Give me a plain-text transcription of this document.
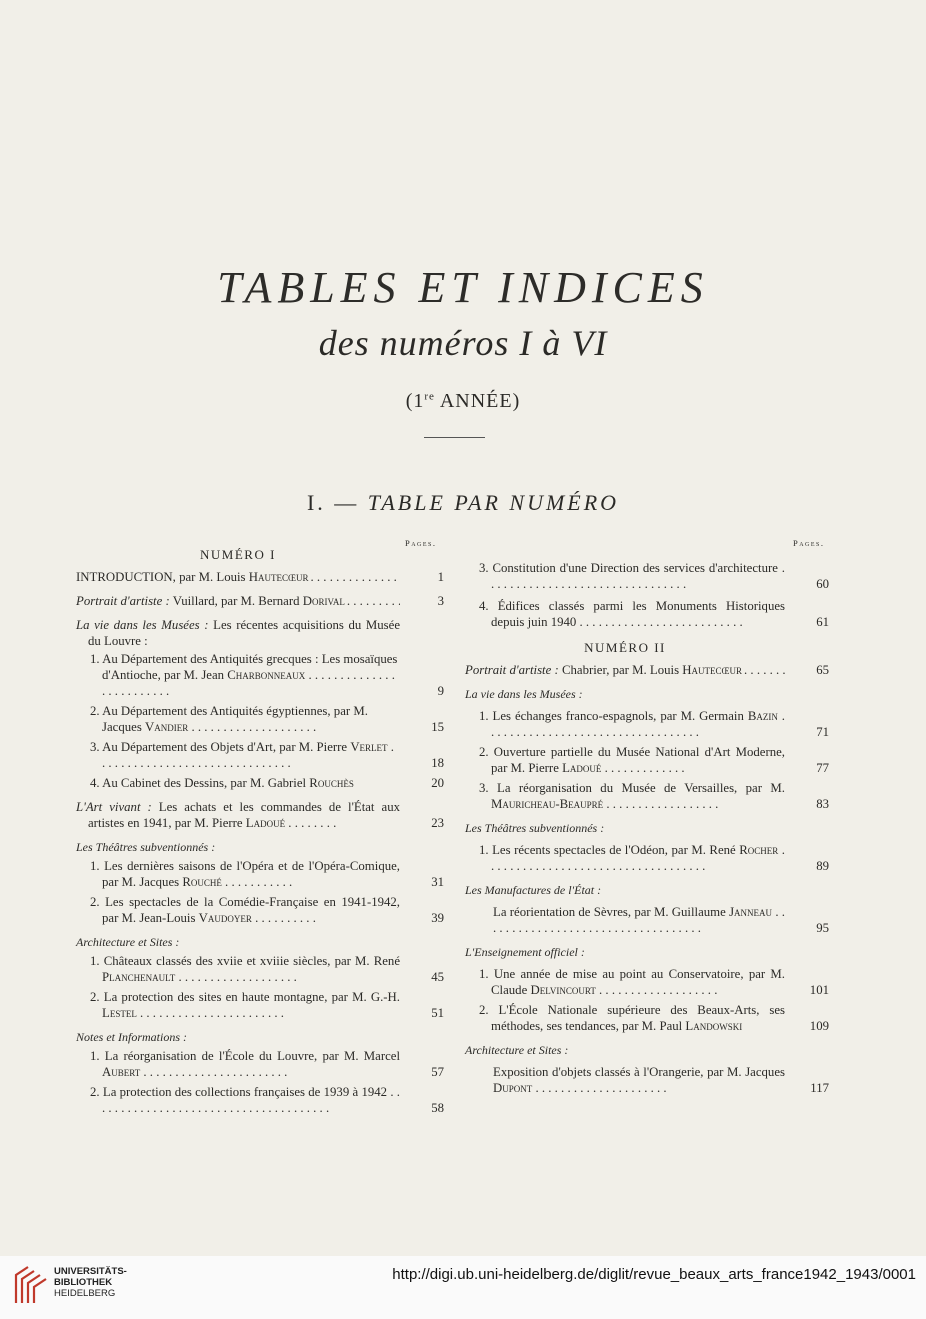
TABLES ET INDICES
des numéros I à VI
(1re ANNÉE)
I. — TABLE PAR NUMÉRO
Pages.	Pages.

NUMÉRO I

INTRODUCTION, par M. Louis Hautecœur . . .	1
Portrait d'artiste : Vuillard, par M. Bernard Dorival . . .	3

La vie dans les Musées : Les récentes acquisitions du Musée du Louvre :

1. Au Département des Antiquités grecques : Les mosaïques d'Antioche, par M. Jean Charbonneaux . . . . . . . . . . . . . . . . . . . . . . . . .	9
2. Au Département des Antiquités égyptiennes, par M. Jacques Vandier . . . . . . . . . . . . . . . . . . . .	15
3. Au Département des Objets d'Art, par M. Pierre Verlet . . . . . . . . . . . . . . . . . . . . . . . . . . . . . . .	18
4. Au Cabinet des Dessins, par M. Gabriel Rouchès	20
L'Art vivant : Les achats et les commandes de l'État aux artistes en 1941, par M. Pierre Ladoué . . . . . . . .	23

Les Théâtres subventionnés :

1. Les dernières saisons de l'Opéra et de l'Opéra-Comique, par M. Jacques Rouché . . . . . . . . . . .	31
2. Les spectacles de la Comédie-Française en 1941-1942, par M. Jean-Louis Vaudoyer . . . . . . . . . .	39

Architecture et Sites :

1. Châteaux classés des xviie et xviiie siècles, par M. René Planchenault . . . . . . . . . . . . . . . . . . .	45
2. La protection des sites en haute montagne, par M. G.-H. Lestel . . . . . . . . . . . . . . . . . . . . . . .	51

Notes et Informations :

1. La réorganisation de l'École du Louvre, par M. Marcel Aubert . . . . . . . . . . . . . . . . . . . . . . .	57
2. La protection des collections françaises de 1939 à 1942 . . . . . . . . . . . . . . . . . . . . . . . . . . . . . . . . . . . . . .	58
3. Constitution d'une Direction des services d'architecture . . . . . . . . . . . . . . . . . . . . . . . . . . . . . . . .	60
4. Édifices classés parmi les Monuments Historiques depuis juin 1940 . . . . . . . . . . . . . . . . . . . . . . . . . .	61

NUMÉRO II

Portrait d'artiste : Chabrier, par M. Louis Hautecœur . . .	65

La vie dans les Musées :

1. Les échanges franco-espagnols, par M. Germain Bazin . . . . . . . . . . . . . . . . . . . . . . . . . . . . . . . . . .	71
2. Ouverture partielle du Musée National d'Art Moderne, par M. Pierre Ladoué . . . . . . . . . . . . .	77
3. La réorganisation du Musée de Versailles, par M. Mauricheau-Beaupré . . . . . . . . . . . . . . . . . .	83

Les Théâtres subventionnés :

1. Les récents spectacles de l'Odéon, par M. René Rocher . . . . . . . . . . . . . . . . . . . . . . . . . . . . . . . . . . .	89

Les Manufactures de l'État :

La réorientation de Sèvres, par M. Guillaume Janneau . . . . . . . . . . . . . . . . . . . . . . . . . . . . . . . . . . .	95

L'Enseignement officiel :

1. Une année de mise au point au Conservatoire, par M. Claude Delvincourt . . . . . . . . . . . . . . . . . . .	101
2. L'École Nationale supérieure des Beaux-Arts, ses méthodes, ses tendances, par M. Paul Landowski	109

Architecture et Sites :

Exposition d'objets classés à l'Orangerie, par M. Jacques Dupont . . . . . . . . . . . . . . . . . . . . .	117
UNIVERSITÄTS-
BIBLIOTHEK
HEIDELBERG
http://digi.ub.uni-heidelberg.de/diglit/revue_beaux_arts_france1942_1943/0001
